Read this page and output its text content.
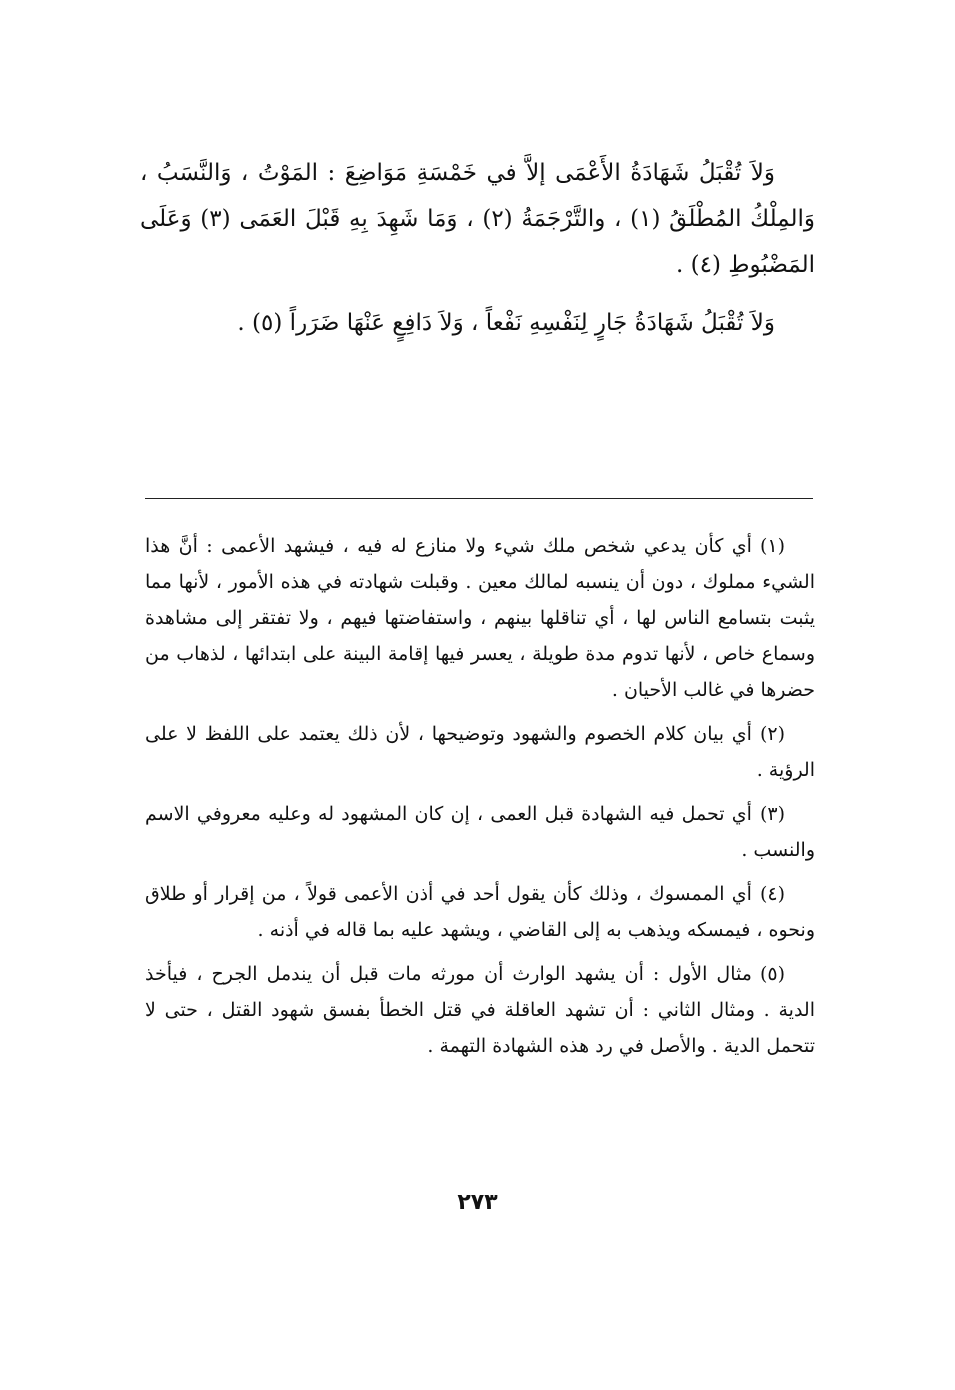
وَلاَ تُقْبَلُ شَهَادَةُ الأَعْمَى إلاَّ في خَمْسَةِ مَوَاضِعَ : المَوْتُ ، وَالنَّسَبُ ، وَالمِلْكُ المُطْلَقُ (١) ، والتَّرْجَمَةُ (٢) ، وَمَا شَهِدَ بِهِ قَبْلَ العَمَى (٣) وَعَلَى المَضْبُوطِ (٤) .

وَلاَ تُقْبَلُ شَهَادَةُ جَارٍ لِنَفْسِهِ نَفْعاً ، وَلاَ دَافِعٍ عَنْهَا ضَرَراً (٥) .

(١)أي كأن يدعي شخص ملك شيء ولا منازع له فيه ، فيشهد الأعمى : أنَّ هذا الشيء مملوك ، دون أن ينسبه لمالك معين . وقبلت شهادته في هذه الأمور ، لأنها مما يثبت بتسامع الناس لها ، أي تناقلها بينهم ، واستفاضتها فيهم ، ولا تفتقر إلى مشاهدة وسماع خاص ، لأنها تدوم مدة طويلة ، يعسر فيها إقامة البينة على ابتدائها ، لذهاب من حضرها في غالب الأحيان .

(٢)أي بيان كلام الخصوم والشهود وتوضيحها ، لأن ذلك يعتمد على اللفظ لا على الرؤية .

(٣)أي تحمل فيه الشهادة قبل العمى ، إن كان المشهود له وعليه معروفي الاسم والنسب .

(٤)أي الممسوك ، وذلك كأن يقول أحد في أذن الأعمى قولاً ، من إقرار أو طلاق ونحوه ، فيمسكه ويذهب به إلى القاضي ، ويشهد عليه بما قاله في أذنه .

(٥)مثال الأول : أن يشهد الوارث أن مورثه مات قبل أن يندمل الجرح ، فيأخذ الدية . ومثال الثاني : أن تشهد العاقلة في قتل الخطأ بفسق شهود القتل ، حتى لا تتحمل الدية . والأصل في رد هذه الشهادة التهمة .

٢٧٣
